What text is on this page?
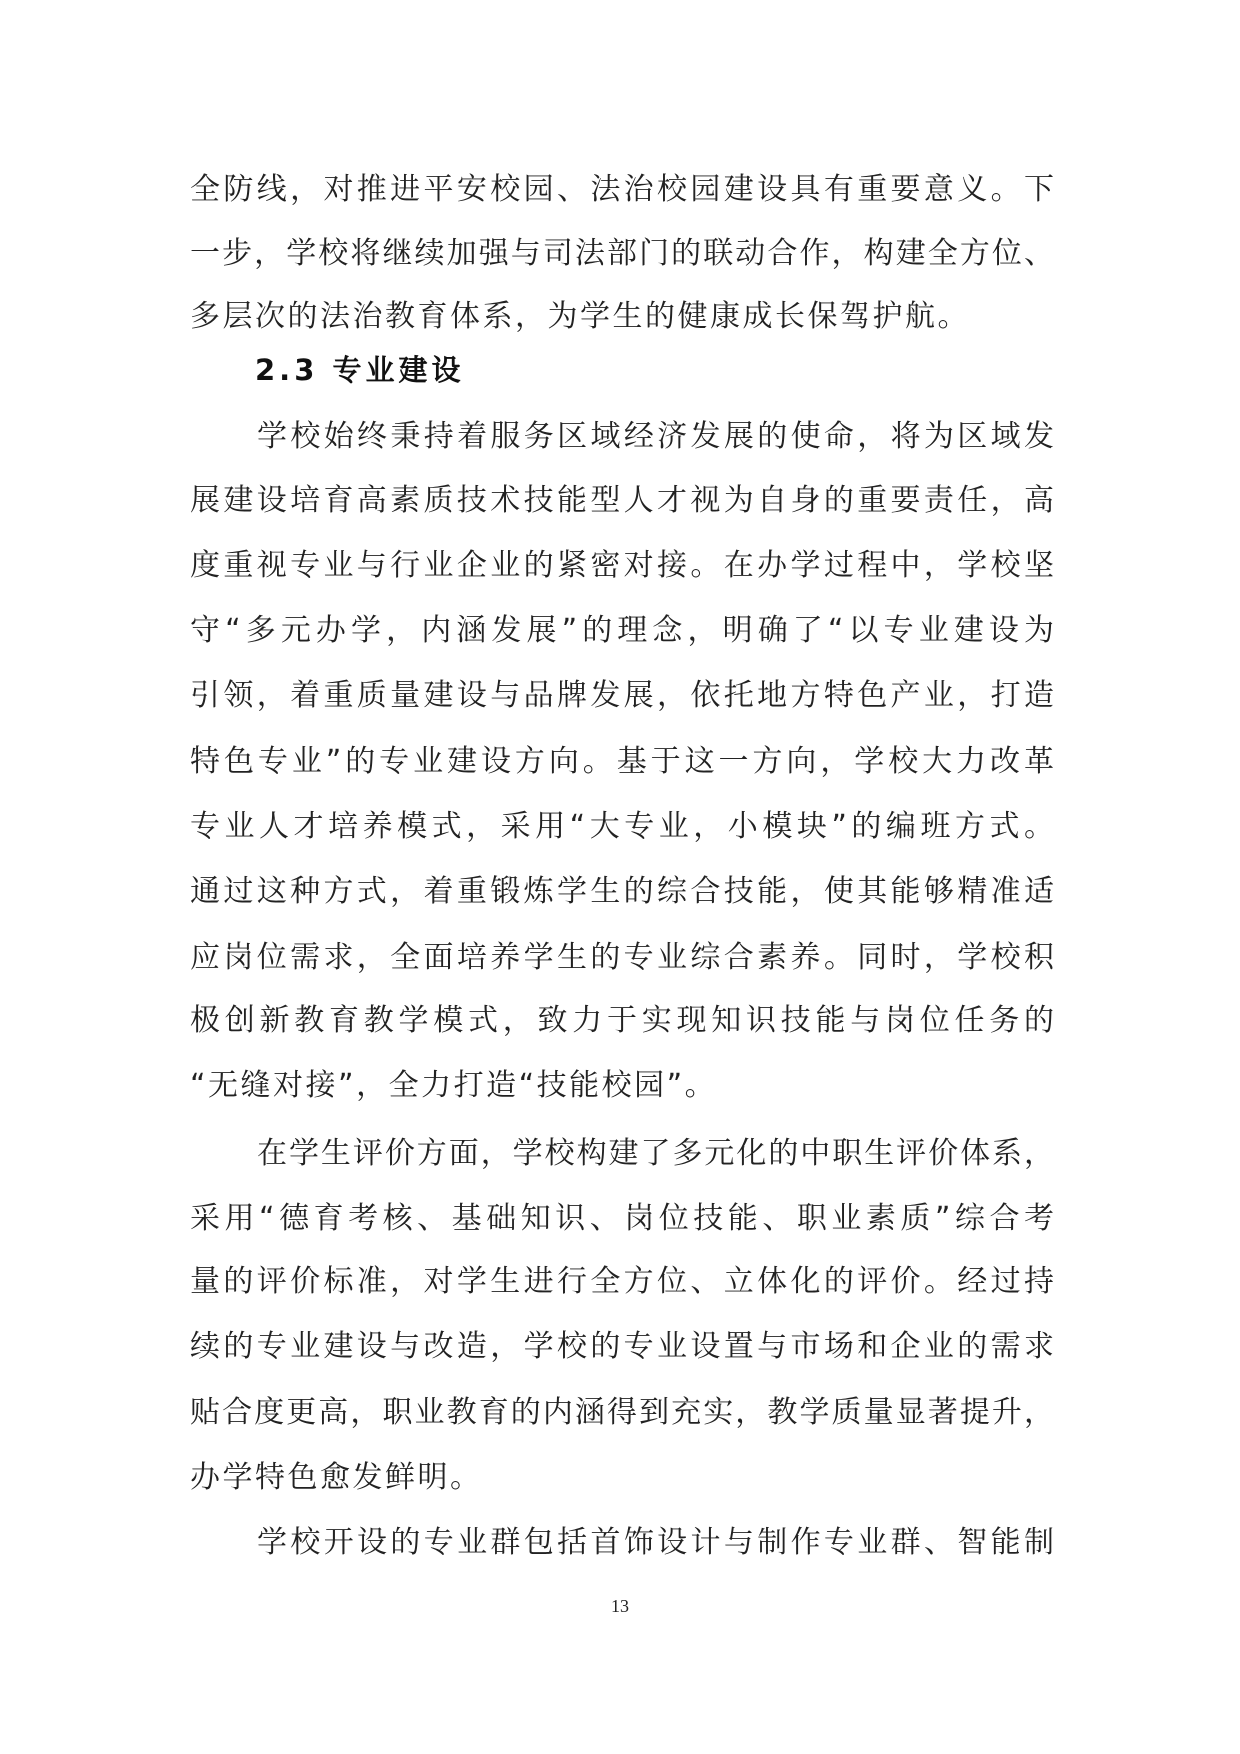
全防线，对推进平安校园、法治校园建设具有重要意义。下
一步，学校将继续加强与司法部门的联动合作，构建全方位、
多层次的法治教育体系，为学生的健康成长保驾护航。
2.3 专业建设
学校始终秉持着服务区域经济发展的使命，将为区域发
展建设培育高素质技术技能型人才视为自身的重要责任，高
度重视专业与行业企业的紧密对接。在办学过程中，学校坚
守“多元办学，内涵发展”的理念，明确了“以专业建设为
引领，着重质量建设与品牌发展，依托地方特色产业，打造
特色专业”的专业建设方向。基于这一方向，学校大力改革
专业人才培养模式，采用“大专业，小模块”的编班方式。
通过这种方式，着重锻炼学生的综合技能，使其能够精准适
应岗位需求，全面培养学生的专业综合素养。同时，学校积
极创新教育教学模式，致力于实现知识技能与岗位任务的
“无缝对接”，全力打造“技能校园”。
在学生评价方面，学校构建了多元化的中职生评价体系，
采用“德育考核、基础知识、岗位技能、职业素质”综合考
量的评价标准，对学生进行全方位、立体化的评价。经过持
续的专业建设与改造，学校的专业设置与市场和企业的需求
贴合度更高，职业教育的内涵得到充实，教学质量显著提升，
办学特色愈发鲜明。
学校开设的专业群包括首饰设计与制作专业群、智能制
13
